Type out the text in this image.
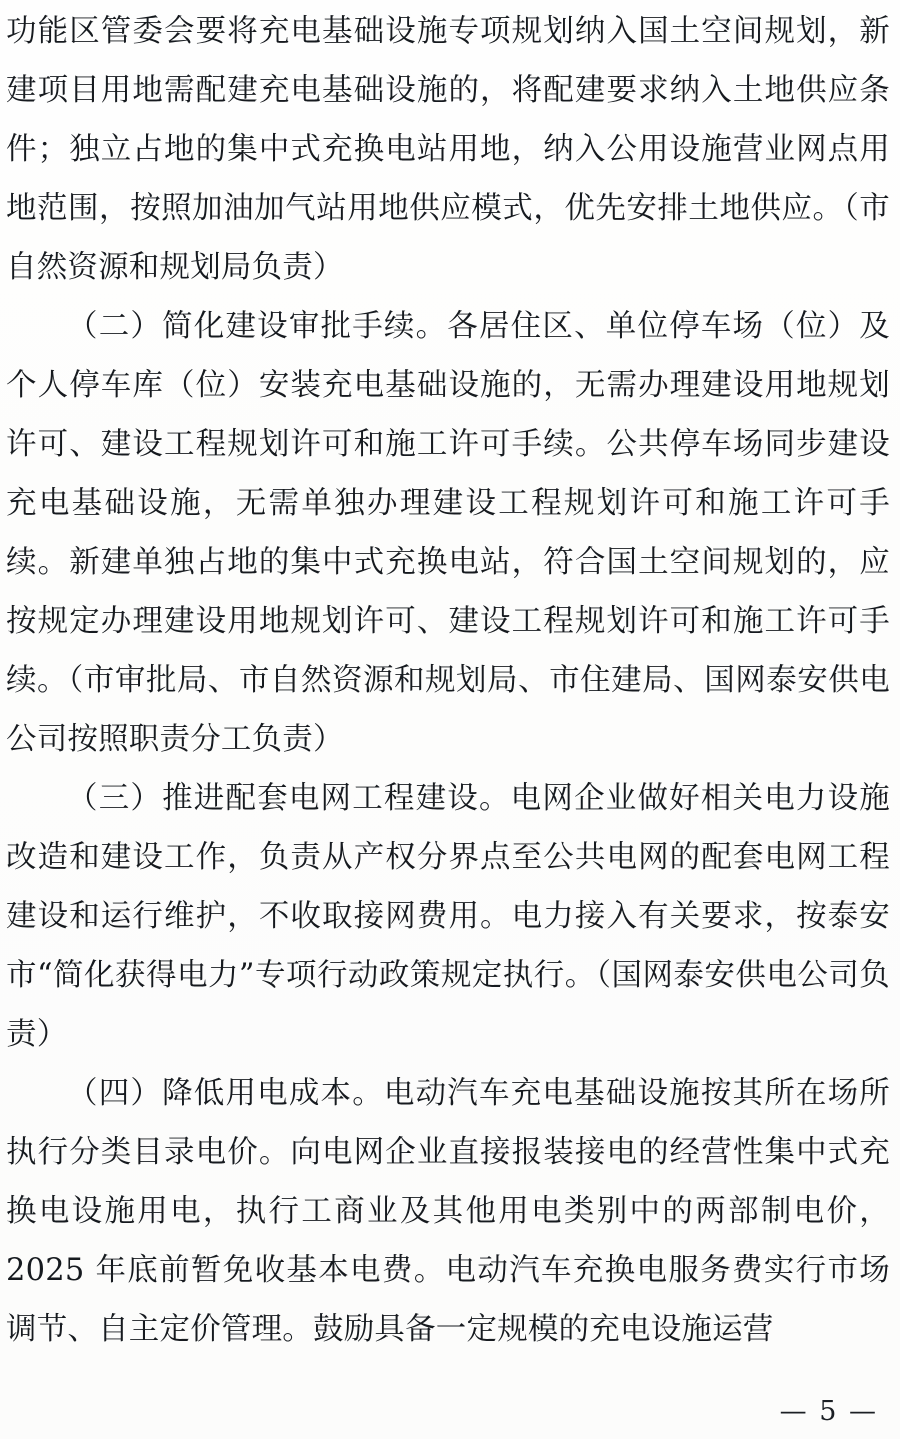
功能区管委会要将充电基础设施专项规划纳入国土空间规划，新建项目用地需配建充电基础设施的，将配建要求纳入土地供应条件；独立占地的集中式充换电站用地，纳入公用设施营业网点用地范围，按照加油加气站用地供应模式，优先安排土地供应。（市自然资源和规划局负责）

（二）简化建设审批手续。各居住区、单位停车场（位）及个人停车库（位）安装充电基础设施的，无需办理建设用地规划许可、建设工程规划许可和施工许可手续。公共停车场同步建设充电基础设施，无需单独办理建设工程规划许可和施工许可手续。新建单独占地的集中式充换电站，符合国土空间规划的，应按规定办理建设用地规划许可、建设工程规划许可和施工许可手续。（市审批局、市自然资源和规划局、市住建局、国网泰安供电公司按照职责分工负责）

（三）推进配套电网工程建设。电网企业做好相关电力设施改造和建设工作，负责从产权分界点至公共电网的配套电网工程建设和运行维护，不收取接网费用。电力接入有关要求，按泰安市“简化获得电力”专项行动政策规定执行。（国网泰安供电公司负责）

（四）降低用电成本。电动汽车充电基础设施按其所在场所执行分类目录电价。向电网企业直接报装接电的经营性集中式充换电设施用电，执行工商业及其他用电类别中的两部制电价，2025 年底前暂免收基本电费。电动汽车充换电服务费实行市场调节、自主定价管理。鼓励具备一定规模的充电设施运营

— 5 —
